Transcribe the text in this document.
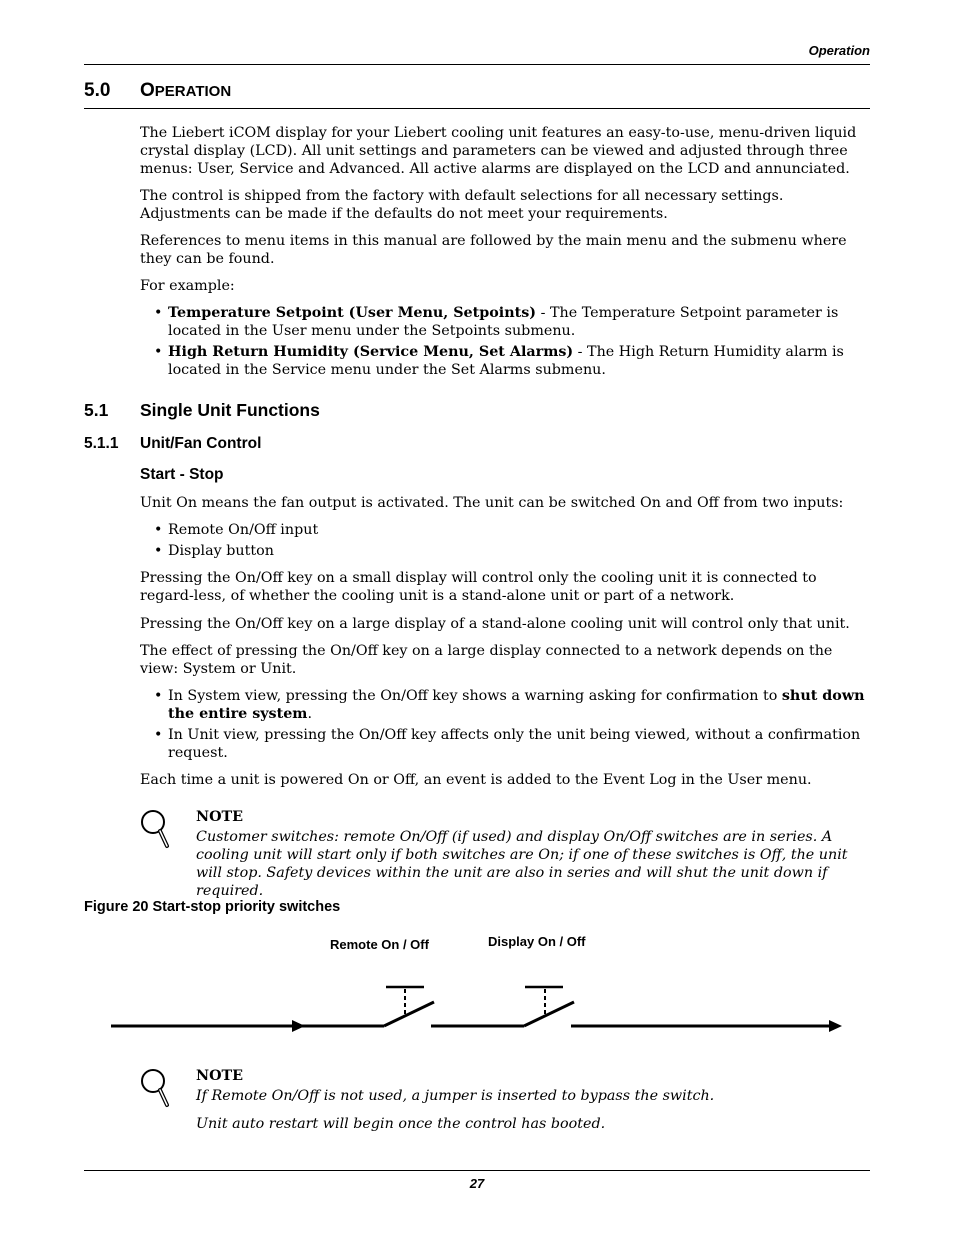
Operation
5.0 OPERATION

The Liebert iCOM display for your Liebert cooling unit features an easy-to-use, menu-driven liquid crystal display (LCD). All unit settings and parameters can be viewed and adjusted through three menus: User, Service and Advanced. All active alarms are displayed on the LCD and annunciated.

The control is shipped from the factory with default selections for all necessary settings. Adjustments can be made if the defaults do not meet your requirements.

References to menu items in this manual are followed by the main menu and the submenu where they can be found.

For example:

• Temperature Setpoint (User Menu, Setpoints) - The Temperature Setpoint parameter is located in the User menu under the Setpoints submenu.
• High Return Humidity (Service Menu, Set Alarms) - The High Return Humidity alarm is located in the Service menu under the Set Alarms submenu.
5.1 Single Unit Functions
5.1.1 Unit/Fan Control
Start - Stop

Unit On means the fan output is activated. The unit can be switched On and Off from two inputs:

• Remote On/Off input
• Display button

Pressing the On/Off key on a small display will control only the cooling unit it is connected to regard-less, of whether the cooling unit is a stand-alone unit or part of a network.

Pressing the On/Off key on a large display of a stand-alone cooling unit will control only that unit.

The effect of pressing the On/Off key on a large display connected to a network depends on the view: System or Unit.

• In System view, pressing the On/Off key shows a warning asking for confirmation to shut down the entire system.
• In Unit view, pressing the On/Off key affects only the unit being viewed, without a confirmation request.

Each time a unit is powered On or Off, an event is added to the Event Log in the User menu.

NOTE
Customer switches: remote On/Off (if used) and display On/Off switches are in series. A cooling unit will start only if both switches are On; if one of these switches is Off, the unit will stop. Safety devices within the unit are also in series and will shut the unit down if required.
Figure 20 Start-stop priority switches
Remote On / Off	Display On / Off
NOTE
If Remote On/Off is not used, a jumper is inserted to bypass the switch.
Unit auto restart will begin once the control has booted.
27
